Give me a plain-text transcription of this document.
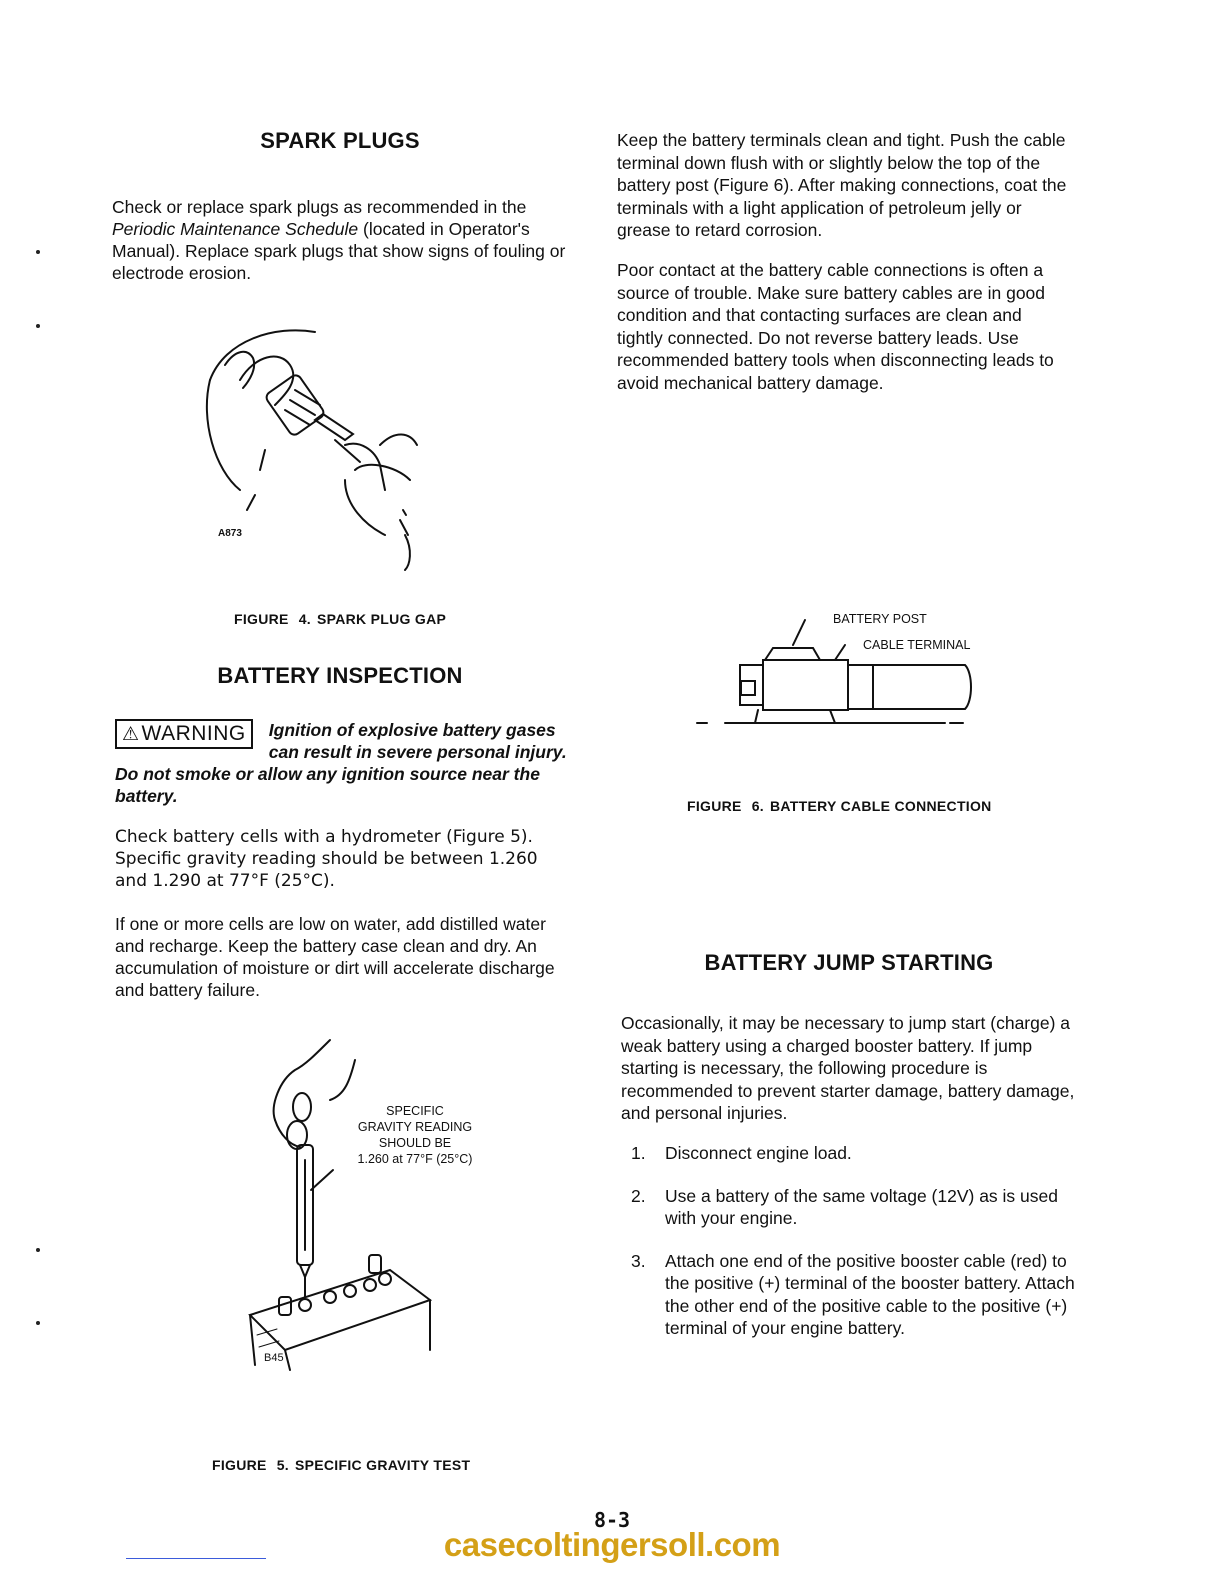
SPARK PLUGS
Check or replace spark plugs as recommended in the Periodic Maintenance Schedule (located in Operator's Manual). Replace spark plugs that show signs of fouling or electrode erosion.
A873
FIGURE 4. SPARK PLUG GAP
BATTERY INSPECTION
⚠ WARNING Ignition of explosive battery gases
can result in severe personal injury.
Do not smoke or allow any ignition source near the battery.
Check battery cells with a hydrometer (Figure 5). Specific gravity reading should be between 1.260 and 1.290 at 77°F (25°C).
If one or more cells are low on water, add distilled water and recharge. Keep the battery case clean and dry. An accumulation of moisture or dirt will accelerate discharge and battery failure.
SPECIFIC
GRAVITY READING
SHOULD BE
1.260 at 77°F (25°C)
B45
FIGURE 5. SPECIFIC GRAVITY TEST
Keep the battery terminals clean and tight. Push the cable terminal down flush with or slightly below the top of the battery post (Figure 6). After making connections, coat the terminals with a light application of petroleum jelly or grease to retard corrosion.
Poor contact at the battery cable connections is often a source of trouble. Make sure battery cables are in good condition and that contacting surfaces are clean and tightly connected. Do not reverse battery leads. Use recommended battery tools when disconnecting leads to avoid mechanical battery damage.
BATTERY POST
CABLE TERMINAL
FIGURE 6. BATTERY CABLE CONNECTION
BATTERY JUMP STARTING
Occasionally, it may be necessary to jump start (charge) a weak battery using a charged booster battery. If jump starting is necessary, the following procedure is recommended to prevent starter damage, battery damage, and personal injuries.
1.	Disconnect engine load.
2.	Use a battery of the same voltage (12V) as is used with your engine.
3.	Attach one end of the positive booster cable (red) to the positive (+) terminal of the booster battery. Attach the other end of the positive cable to the positive (+) terminal of your engine battery.
8-3
casecoltingersoll.com
